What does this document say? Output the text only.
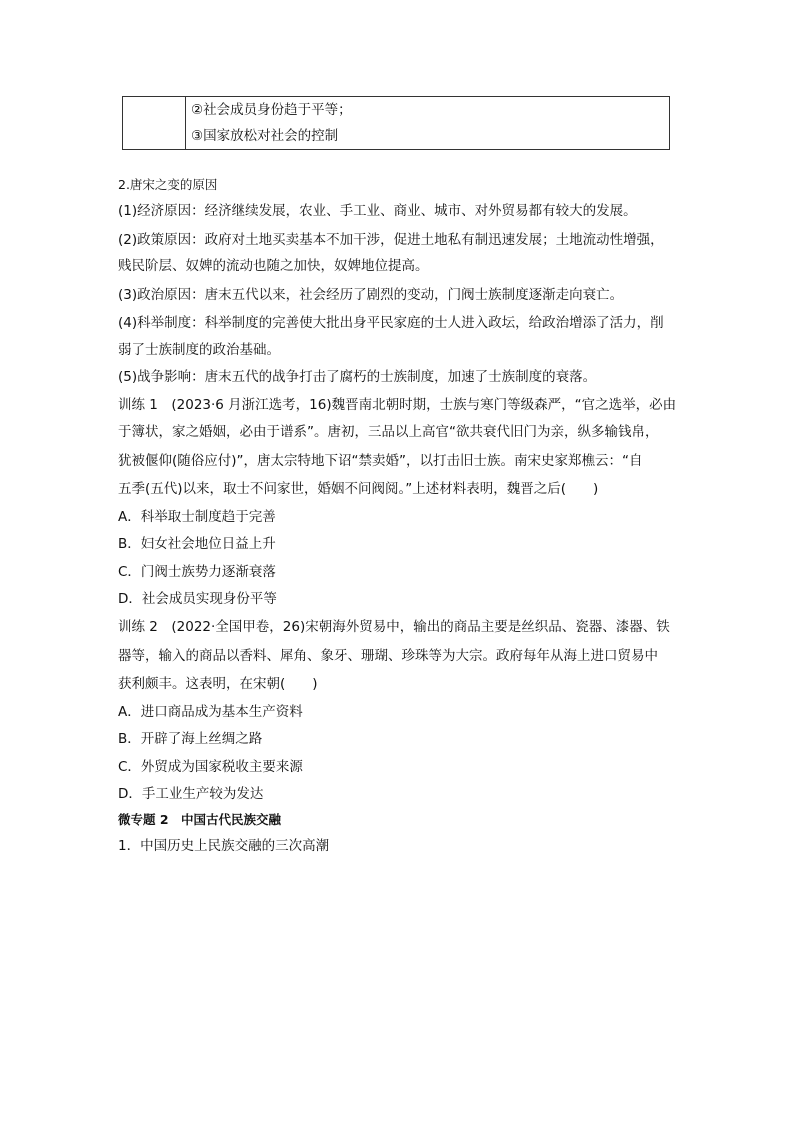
②社会成员身份趋于平等；
③国家放松对社会的控制
2.唐宋之变的原因
(1)经济原因：经济继续发展，农业、手工业、商业、城市、对外贸易都有较大的发展。
(2)政策原因：政府对土地买卖基本不加干涉，促进土地私有制迅速发展；土地流动性增强，
贱民阶层、奴婢的流动也随之加快，奴婢地位提高。
(3)政治原因：唐末五代以来，社会经历了剧烈的变动，门阀士族制度逐渐走向衰亡。
(4)科举制度：科举制度的完善使大批出身平民家庭的士人进入政坛，给政治增添了活力，削
弱了士族制度的政治基础。
(5)战争影响：唐末五代的战争打击了腐朽的士族制度，加速了士族制度的衰落。
训练 1　(2023·6 月浙江选考，16)魏晋南北朝时期，士族与寒门等级森严，“官之选举，必由
于簿状，家之婚姻，必由于谱系”。唐初，三品以上高官“欲共衰代旧门为亲，纵多输钱帛，
犹被偃仰(随俗应付)”，唐太宗特地下诏“禁卖婚”，以打击旧士族。南宋史家郑樵云：“自
五季(五代)以来，取士不问家世，婚姻不问阀阅。”上述材料表明，魏晋之后(　　)
A．科举取士制度趋于完善
B．妇女社会地位日益上升
C．门阀士族势力逐渐衰落
D．社会成员实现身份平等
训练 2　(2022·全国甲卷，26)宋朝海外贸易中，输出的商品主要是丝织品、瓷器、漆器、铁
器等，输入的商品以香料、犀角、象牙、珊瑚、珍珠等为大宗。政府每年从海上进口贸易中
获利颇丰。这表明，在宋朝(　　)
A．进口商品成为基本生产资料
B．开辟了海上丝绸之路
C．外贸成为国家税收主要来源
D．手工业生产较为发达
微专题 2　中国古代民族交融
1．中国历史上民族交融的三次高潮
